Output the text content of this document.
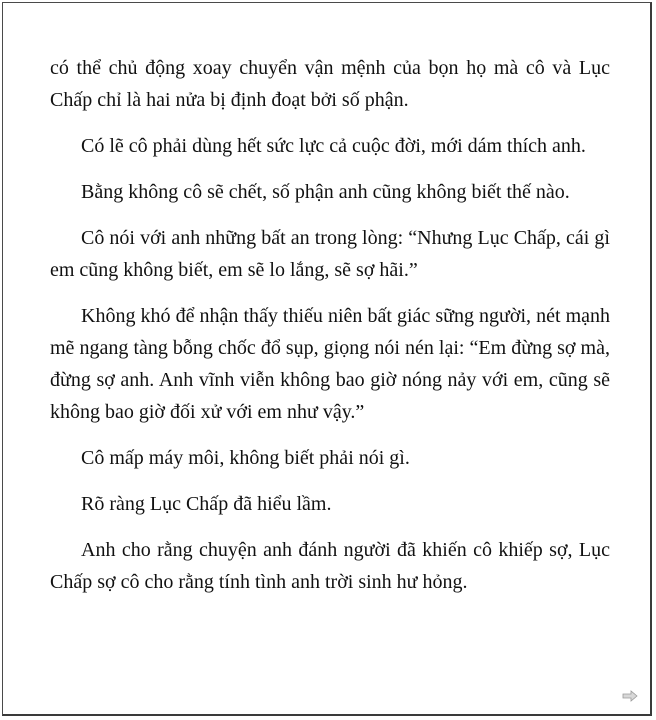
có thể chủ động xoay chuyển vận mệnh của bọn họ mà cô và Lục Chấp chỉ là hai nửa bị định đoạt bởi số phận.

Có lẽ cô phải dùng hết sức lực cả cuộc đời, mới dám thích anh.

Bằng không cô sẽ chết, số phận anh cũng không biết thế nào.

Cô nói với anh những bất an trong lòng: “Nhưng Lục Chấp, cái gì em cũng không biết, em sẽ lo lắng, sẽ sợ hãi.”

Không khó để nhận thấy thiếu niên bất giác sững người, nét mạnh mẽ ngang tàng bỗng chốc đổ sụp, giọng nói nén lại: “Em đừng sợ mà, đừng sợ anh. Anh vĩnh viễn không bao giờ nóng nảy với em, cũng sẽ không bao giờ đối xử với em như vậy.”

Cô mấp máy môi, không biết phải nói gì.

Rõ ràng Lục Chấp đã hiểu lầm.

Anh cho rằng chuyện anh đánh người đã khiến cô khiếp sợ, Lục Chấp sợ cô cho rằng tính tình anh trời sinh hư hỏng.
